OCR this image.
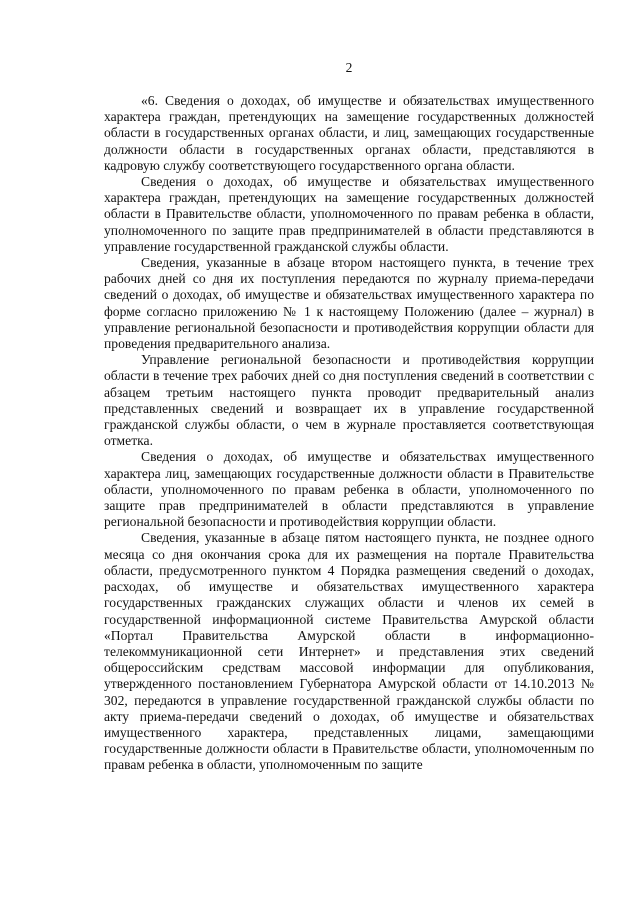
2

«6. Сведения о доходах, об имуществе и обязательствах имущественного характера граждан, претендующих на замещение государственных должностей области в государственных органах области, и лиц, замещающих государственные должности области в государственных органах области, представляются в кадровую службу соответствующего государственного органа области.

Сведения о доходах, об имуществе и обязательствах имущественного характера граждан, претендующих на замещение государственных должностей области в Правительстве области, уполномоченного по правам ребенка в области, уполномоченного по защите прав предпринимателей в области представляются в управление государственной гражданской службы области.

Сведения, указанные в абзаце втором настоящего пункта, в течение трех рабочих дней со дня их поступления передаются по журналу приема-передачи сведений о доходах, об имуществе и обязательствах имущественного характера по форме согласно приложению № 1 к настоящему Положению (далее – журнал) в управление региональной безопасности и противодействия коррупции области для проведения предварительного анализа.

Управление региональной безопасности и противодействия коррупции области в течение трех рабочих дней со дня поступления сведений в соответствии с абзацем третьим настоящего пункта проводит предварительный анализ представленных сведений и возвращает их в управление государственной гражданской службы области, о чем в журнале проставляется соответствующая отметка.

Сведения о доходах, об имуществе и обязательствах имущественного характера лиц, замещающих государственные должности области в Правительстве области, уполномоченного по правам ребенка в области, уполномоченного по защите прав предпринимателей в области представляются в управление региональной безопасности и противодействия коррупции области.

Сведения, указанные в абзаце пятом настоящего пункта, не позднее одного месяца со дня окончания срока для их размещения на портале Правительства области, предусмотренного пунктом 4 Порядка размещения сведений о доходах, расходах, об имуществе и обязательствах имущественного характера государственных гражданских служащих области и членов их семей в государственной информационной системе Правительства Амурской области «Портал Правительства Амурской области в информационно-телекоммуникационной сети Интернет» и представления этих сведений общероссийским средствам массовой информации для опубликования, утвержденного постановлением Губернатора Амурской области от 14.10.2013 № 302, передаются в управление государственной гражданской службы области по акту приема-передачи сведений о доходах, об имуществе и обязательствах имущественного характера, представленных лицами, замещающими государственные должности области в Правительстве области, уполномоченным по правам ребенка в области, уполномоченным по защите
